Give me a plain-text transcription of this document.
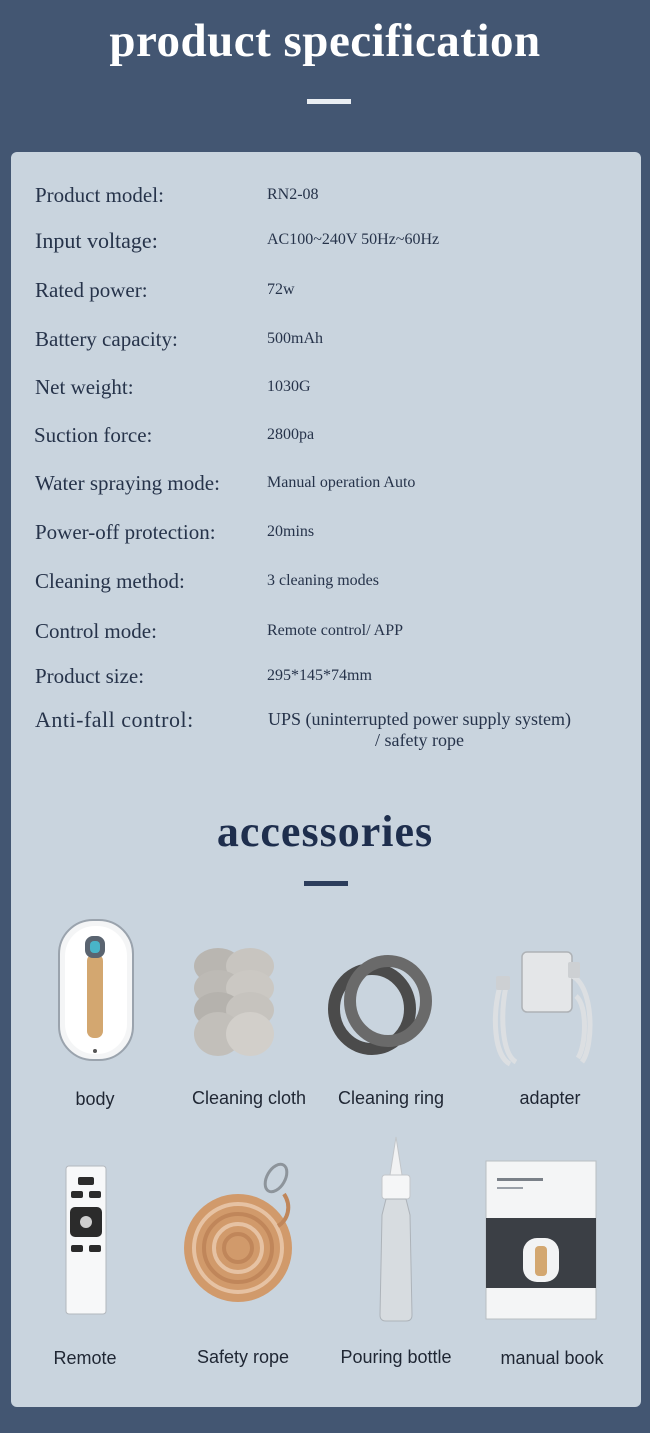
product specification
Product model:	RN2-08
Input voltage:	AC100~240V 50Hz~60Hz
Rated power:	72w
Battery capacity:	500mAh
Net weight:	1030G
Suction force:	2800pa
Water spraying mode:	Manual operation Auto
Power-off protection:	20mins
Cleaning method:	3 cleaning modes
Control mode:	Remote control/ APP
Product size:	295*145*74mm
Anti-fall control:	UPS (uninterrupted power supply system)
/ safety rope
accessories
body	Cleaning cloth	Cleaning ring	adapter
Remote	Safety rope	Pouring bottle	manual book
